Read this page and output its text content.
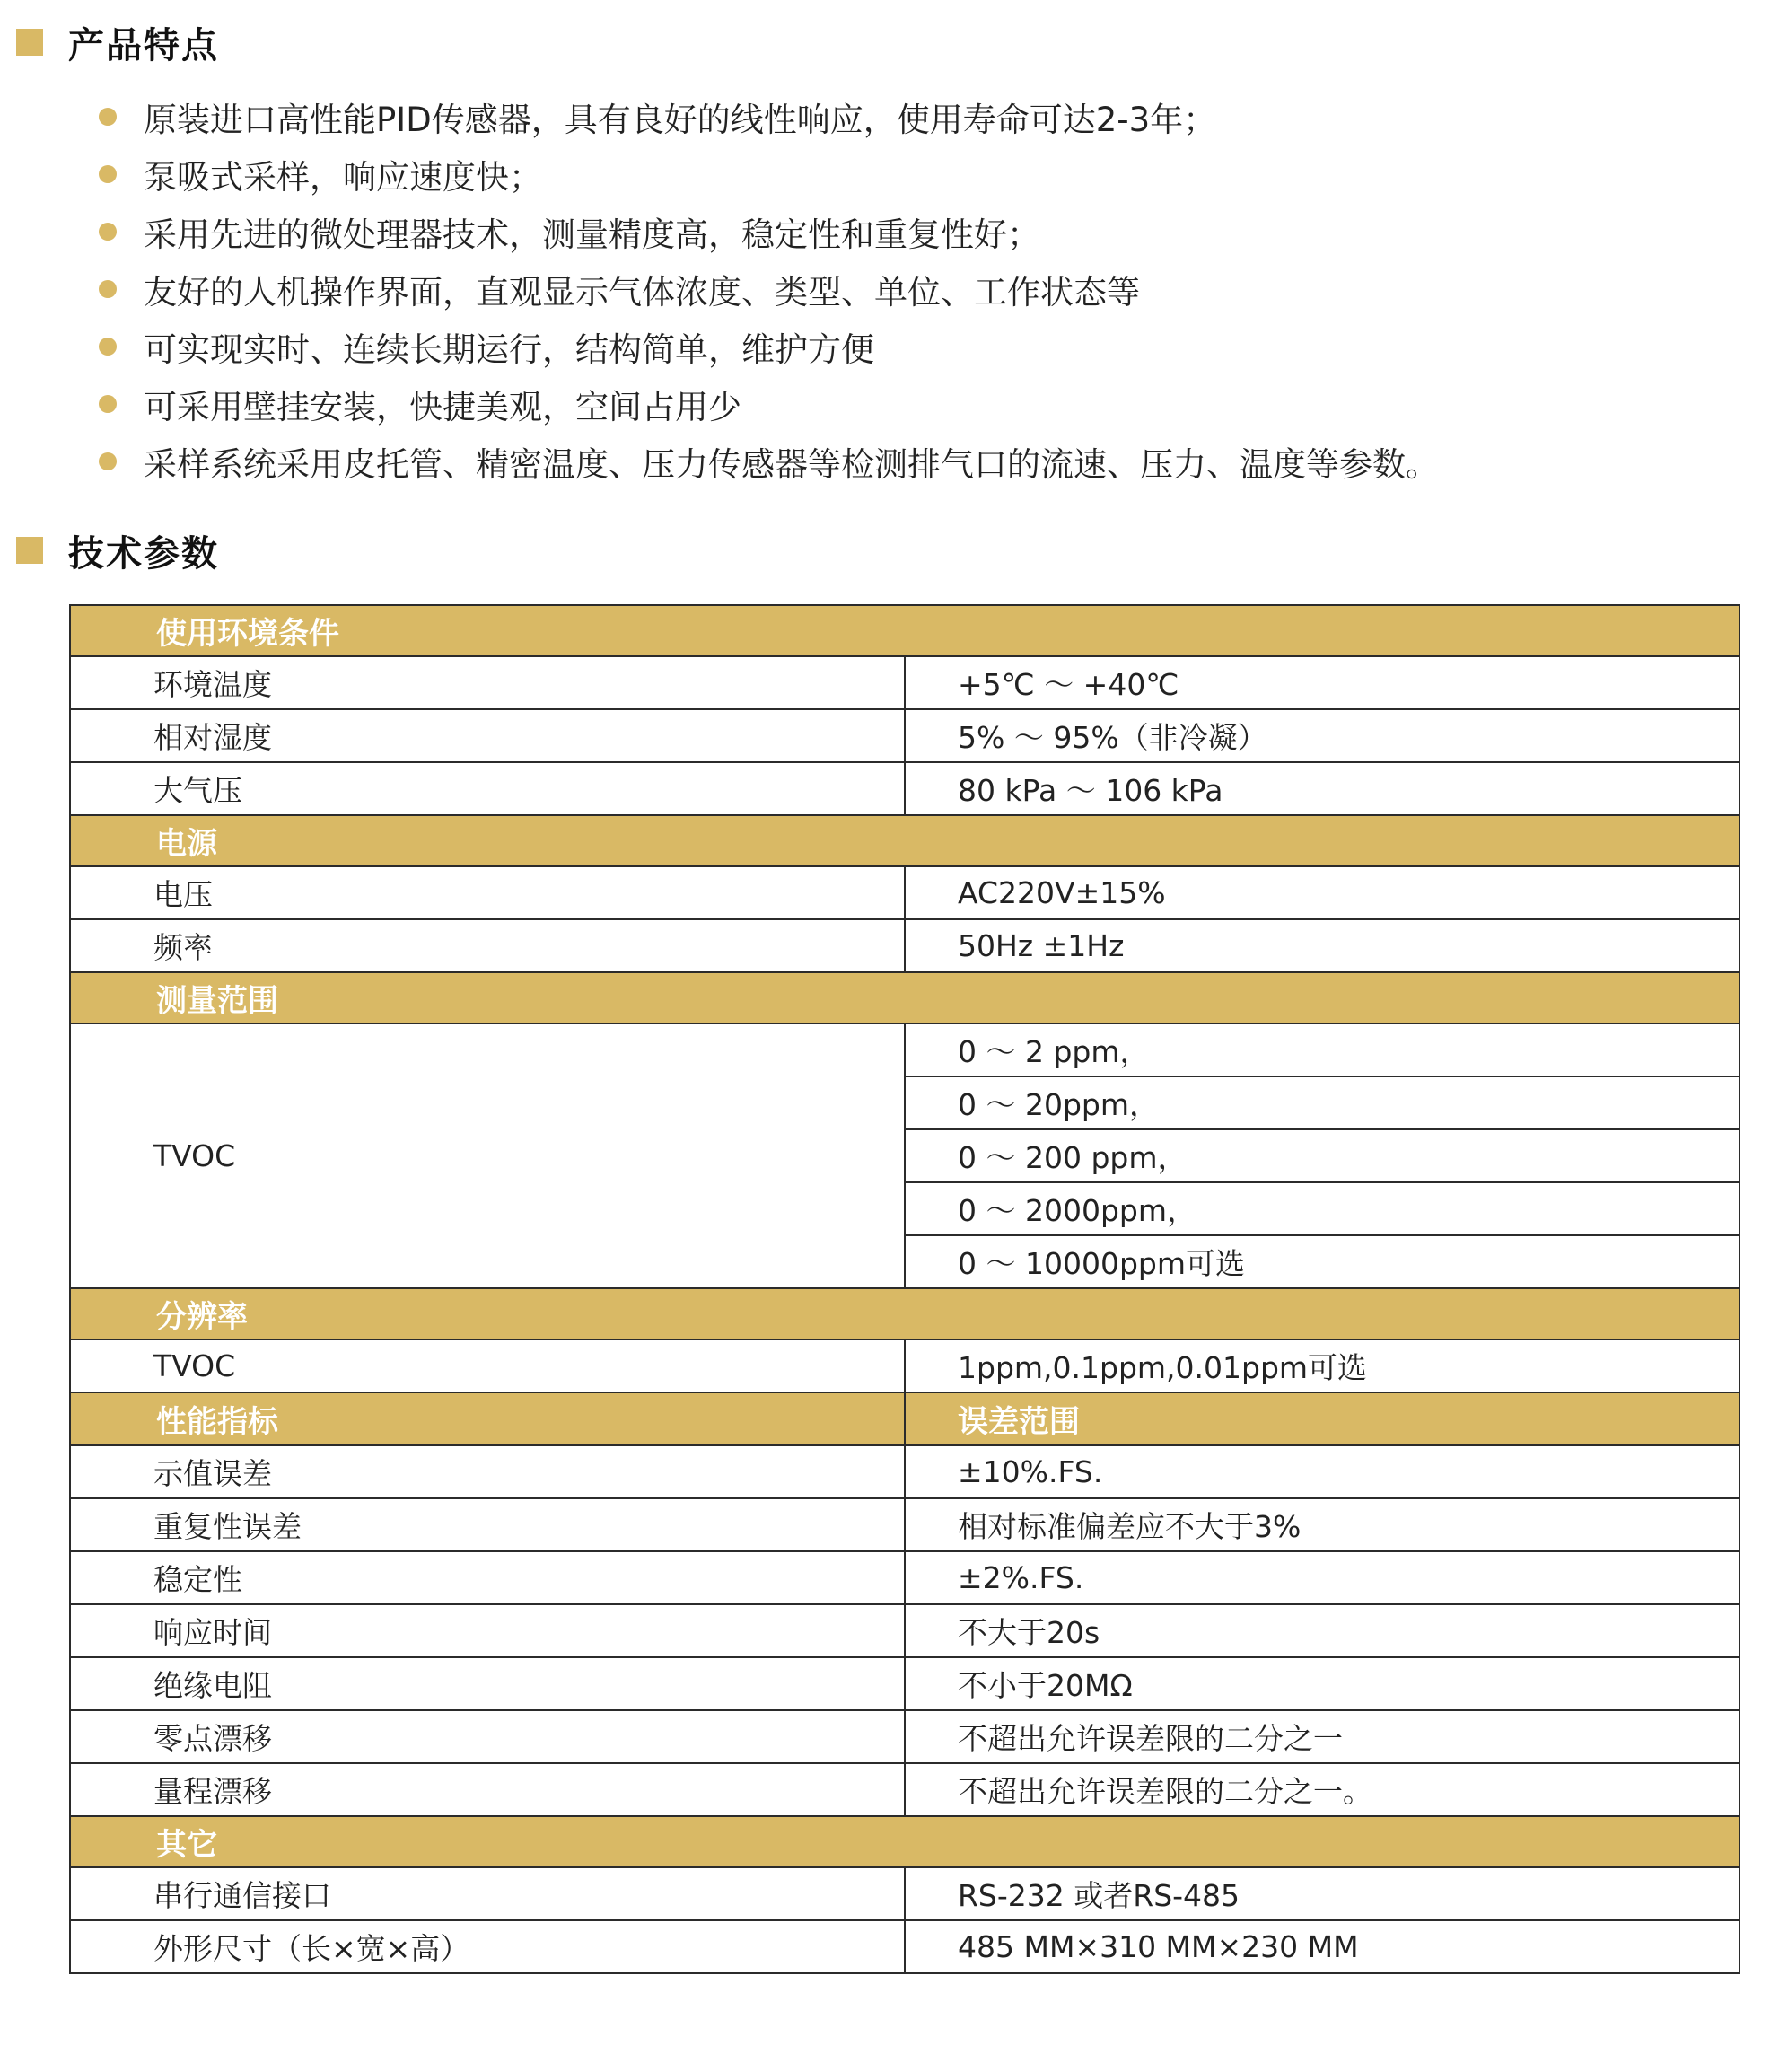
产品特点
原装进口高性能PID传感器，具有良好的线性响应，使用寿命可达2-3年；
泵吸式采样，响应速度快；
采用先进的微处理器技术，测量精度高，稳定性和重复性好；
友好的人机操作界面，直观显示气体浓度、类型、单位、工作状态等
可实现实时、连续长期运行，结构简单，维护方便
可采用壁挂安装，快捷美观，空间占用少
采样系统采用皮托管、精密温度、压力传感器等检测排气口的流速、压力、温度等参数。
技术参数
使用环境条件	
环境温度	+5℃ ～ +40℃
相对湿度	5% ～ 95%（非冷凝）
大气压	80 kPa ～ 106 kPa
电源	
电压	AC220V±15%
频率	50Hz ±1Hz
测量范围	
TVOC	0 ～ 2 ppm，
	0 ～ 20ppm，
	0 ～ 200 ppm，
	0 ～ 2000ppm，
	0 ～ 10000ppm可选
分辨率	
TVOC	1ppm,0.1ppm,0.01ppm可选
性能指标	误差范围
示值误差	±10%.FS.
重复性误差	相对标准偏差应不大于3%
稳定性	±2%.FS.
响应时间	不大于20s
绝缘电阻	不小于20MΩ
零点漂移	不超出允许误差限的二分之一
量程漂移	不超出允许误差限的二分之一。
其它	
串行通信接口	RS-232 或者RS-485
外形尺寸（长×宽×高）	485 MM×310 MM×230 MM
